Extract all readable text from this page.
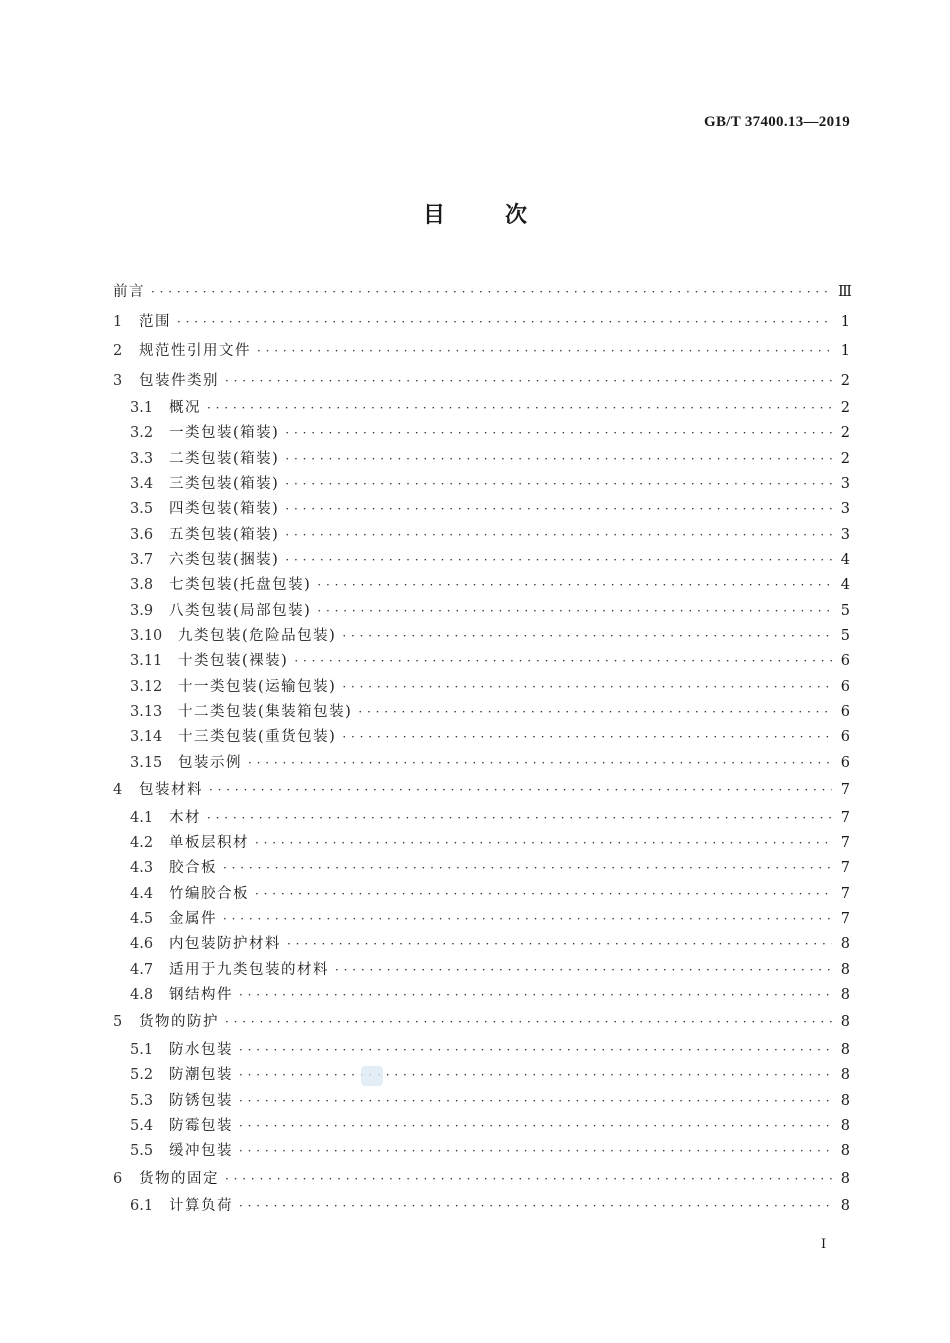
GB/T 37400.13—2019
目	次
前言 · · ·	Ⅲ
1	范围 · · ·	1
2	规范性引用文件 · · ·	1
3	包装件类别 · · ·	2
3.1	概况 · · ·	2
3.2	一类包装(箱装) · · ·	2
3.3	二类包装(箱装) · · ·	2
3.4	三类包装(箱装) · · ·	3
3.5	四类包装(箱装) · · ·	3
3.6	五类包装(箱装) · · ·	3
3.7	六类包装(捆装) · · ·	4
3.8	七类包装(托盘包装) · · ·	4
3.9	八类包装(局部包装) · · ·	5
3.10	九类包装(危险品包装) · · ·	5
3.11	十类包装(裸装) · · ·	6
3.12	十一类包装(运输包装) · · ·	6
3.13	十二类包装(集装箱包装) · · ·	6
3.14	十三类包装(重货包装) · · ·	6
3.15	包装示例 · · ·	6
4	包装材料 · · ·	7
4.1	木材 · · ·	7
4.2	单板层积材 · · ·	7
4.3	胶合板 · · ·	7
4.4	竹编胶合板 · · ·	7
4.5	金属件 · · ·	7
4.6	内包装防护材料 · · ·	8
4.7	适用于九类包装的材料 · · ·	8
4.8	钢结构件 · · ·	8
5	货物的防护 · · ·	8
5.1	防水包装 · · ·	8
5.2	防潮包装 · · ·	8
5.3	防锈包装 · · ·	8
5.4	防霉包装 · · ·	8
5.5	缓冲包装 · · ·	8
6	货物的固定 · · ·	8
6.1	计算负荷 · · ·	8
I
